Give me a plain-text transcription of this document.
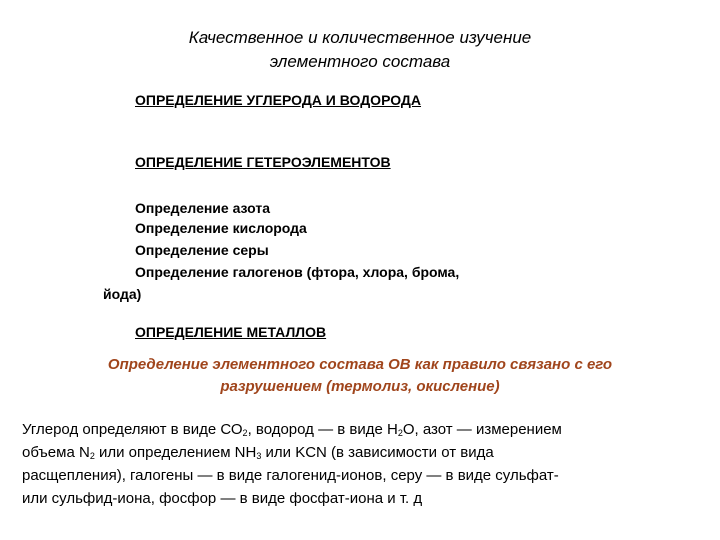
Качественное и количественное изучение
элементного состава
ОПРЕДЕЛЕНИЕ УГЛЕРОДА И ВОДОРОДА
ОПРЕДЕЛЕНИЕ ГЕТЕРОЭЛЕМЕНТОВ
Определение азота
Определение кислорода
Определение серы
Определение галогенов (фтора, хлора, брома,
йода)
ОПРЕДЕЛЕНИЕ МЕТАЛЛОВ
Определение элементного состава ОВ как правило связано с его
разрушением (термолиз, окисление)
Углерод определяют в виде $СО_2$, водород — в виде $Н_2О$, азот — измерением
объема $N_2$ или определением $NH_3$ или KCN (в зависимости от вида
расщепления), галогены — в виде галогенид-ионов, серу — в виде сульфат-
или сульфид-иона, фосфор — в виде фосфат-иона и т. д
